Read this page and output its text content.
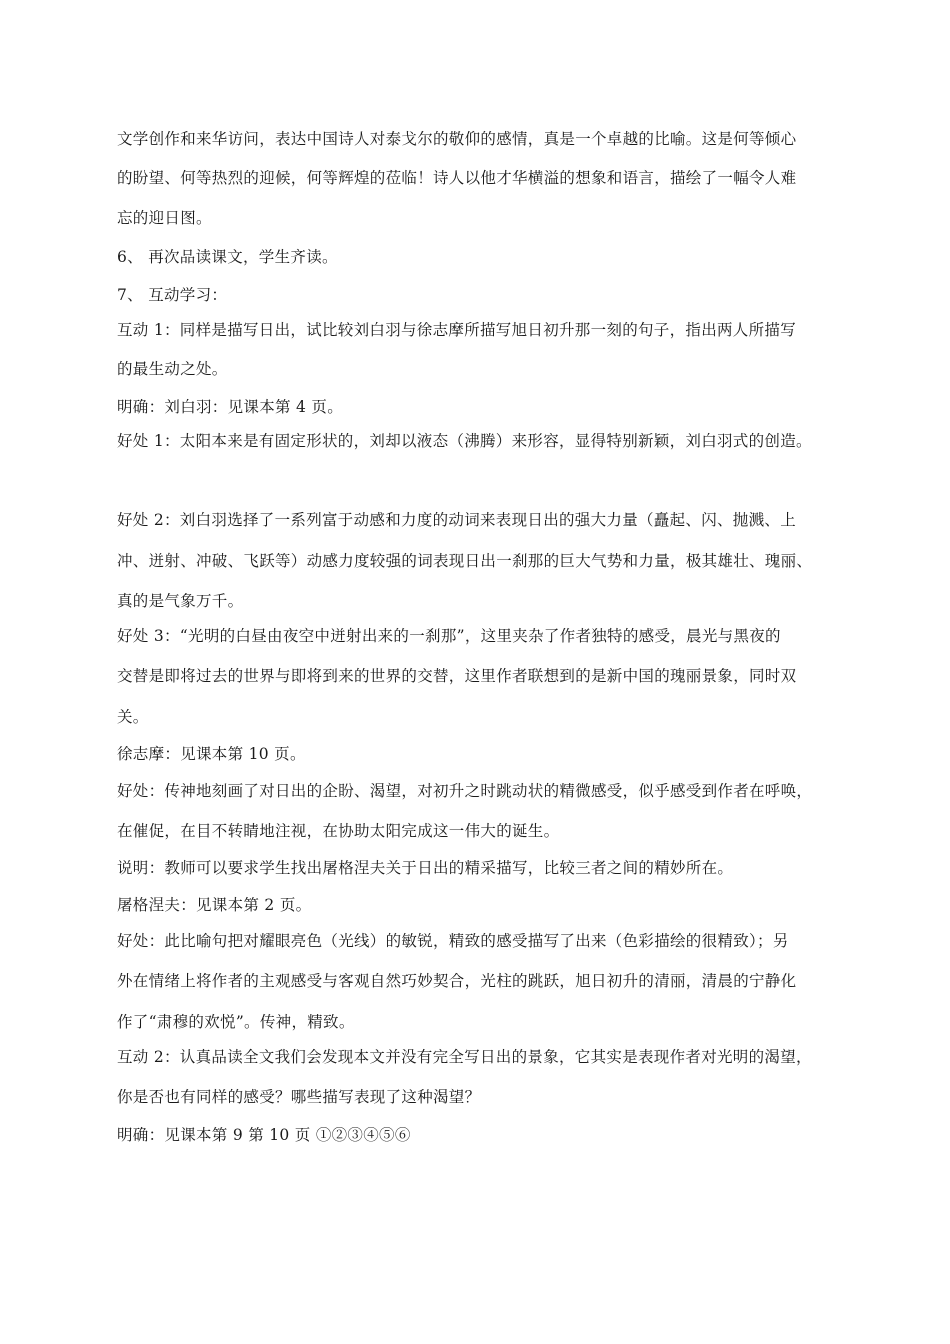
文学创作和来华访问，表达中国诗人对泰戈尔的敬仰的感情，真是一个卓越的比喻。这是何等倾心
的盼望、何等热烈的迎候，何等辉煌的莅临！诗人以他才华横溢的想象和语言，描绘了一幅令人难
忘的迎日图。
6、 再次品读课文，学生齐读。
7、 互动学习：
互动 1：同样是描写日出，试比较刘白羽与徐志摩所描写旭日初升那一刻的句子，指出两人所描写
的最生动之处。
明确：刘白羽：见课本第 4 页。
好处 1：太阳本来是有固定形状的，刘却以液态（沸腾）来形容，显得特别新颖，刘白羽式的创造。
好处 2：刘白羽选择了一系列富于动感和力度的动词来表现日出的强大力量（矗起、闪、抛溅、上
冲、迸射、冲破、飞跃等）动感力度较强的词表现日出一刹那的巨大气势和力量，极其雄壮、瑰丽、
真的是气象万千。
好处 3：“光明的白昼由夜空中迸射出来的一刹那”，这里夹杂了作者独特的感受，晨光与黑夜的
交替是即将过去的世界与即将到来的世界的交替，这里作者联想到的是新中国的瑰丽景象，同时双
关。
徐志摩：见课本第 10 页。
好处：传神地刻画了对日出的企盼、渴望，对初升之时跳动状的精微感受，似乎感受到作者在呼唤，
在催促，在目不转睛地注视，在协助太阳完成这一伟大的诞生。
说明：教师可以要求学生找出屠格涅夫关于日出的精采描写，比较三者之间的精妙所在。
屠格涅夫：见课本第 2 页。
好处：此比喻句把对耀眼亮色（光线）的敏锐，精致的感受描写了出来（色彩描绘的很精致）；另
外在情绪上将作者的主观感受与客观自然巧妙契合，光柱的跳跃，旭日初升的清丽，清晨的宁静化
作了“肃穆的欢悦”。传神，精致。
互动 2：认真品读全文我们会发现本文并没有完全写日出的景象，它其实是表现作者对光明的渴望，
你是否也有同样的感受？哪些描写表现了这种渴望？
明确：见课本第 9 第 10 页 ①②③④⑤⑥
